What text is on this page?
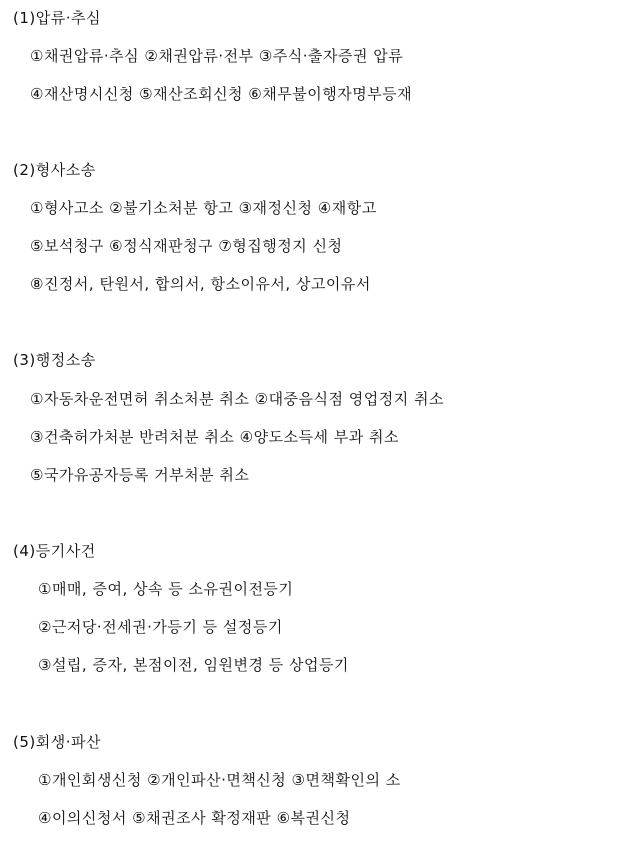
(1)압류·추심
①채권압류·추심 ②채권압류·전부 ③주식·출자증권 압류
④재산명시신청 ⑤재산조회신청 ⑥채무불이행자명부등재
(2)형사소송
①형사고소 ②불기소처분 항고 ③재정신청 ④재항고
⑤보석청구 ⑥정식재판청구 ⑦형집행정지 신청
⑧진정서, 탄원서, 합의서, 항소이유서, 상고이유서
(3)행정소송
①자동차운전면허 취소처분 취소 ②대중음식점 영업정지 취소
③건축허가처분 반려처분 취소 ④양도소득세 부과 취소
⑤국가유공자등록 거부처분 취소
(4)등기사건
①매매, 증여, 상속 등 소유권이전등기
②근저당·전세권·가등기 등 설정등기
③설립, 증자, 본점이전, 임원변경 등 상업등기
(5)회생·파산
①개인회생신청 ②개인파산·면책신청 ③면책확인의 소
④이의신청서 ⑤채권조사 확정재판 ⑥복권신청
